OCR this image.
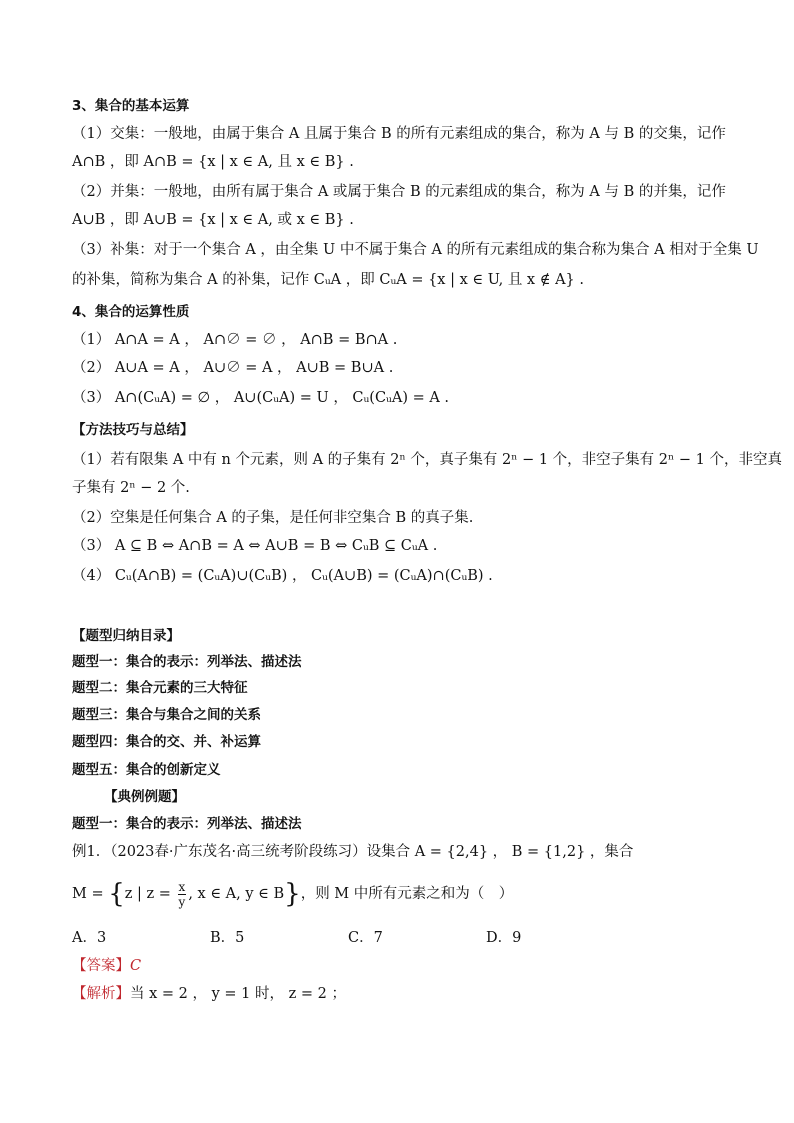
3、集合的基本运算
（1）交集：一般地，由属于集合 A 且属于集合 B 的所有元素组成的集合，称为 A 与 B 的交集，记作
A∩B ，即 A∩B = {x | x ∈ A, 且 x ∈ B} .
（2）并集：一般地，由所有属于集合 A 或属于集合 B 的元素组成的集合，称为 A 与 B 的并集，记作
A∪B ，即 A∪B = {x | x ∈ A, 或 x ∈ B} .
（3）补集：对于一个集合 A ，由全集 U 中不属于集合 A 的所有元素组成的集合称为集合 A 相对于全集 U
的补集，简称为集合 A 的补集，记作 CᵤA ，即 CᵤA = {x | x ∈ U, 且 x ∉ A} .
4、集合的运算性质
（1） A∩A = A ， A∩∅ = ∅ ， A∩B = B∩A .
（2） A∪A = A ， A∪∅ = A ， A∪B = B∪A .
（3） A∩(CᵤA) = ∅ ， A∪(CᵤA) = U ， Cᵤ(CᵤA) = A .
【方法技巧与总结】
（1）若有限集 A 中有 n 个元素，则 A 的子集有 2ⁿ 个，真子集有 2ⁿ − 1 个，非空子集有 2ⁿ − 1 个，非空真
子集有 2ⁿ − 2 个.
（2）空集是任何集合 A 的子集，是任何非空集合 B 的真子集.
（3） A ⊆ B ⇔ A∩B = A ⇔ A∪B = B ⇔ CᵤB ⊆ CᵤA .
（4） Cᵤ(A∩B) = (CᵤA)∪(CᵤB) ， Cᵤ(A∪B) = (CᵤA)∩(CᵤB) .
【题型归纳目录】
题型一：集合的表示：列举法、描述法
题型二：集合元素的三大特征
题型三：集合与集合之间的关系
题型四：集合的交、并、补运算
题型五：集合的创新定义
【典例例题】
题型一：集合的表示：列举法、描述法
例1．（2023春·广东茂名·高三统考阶段练习）设集合 A = {2,4} ， B = {1,2} ，集合
M = {z | $z = \frac{x}{y}$ , x ∈ A, y ∈ B}，则 M 中所有元素之和为（　）
A．3	B．5	C．7	D．9
【答案】C
【解析】当 x = 2 ， y = 1 时， z = 2 ；
